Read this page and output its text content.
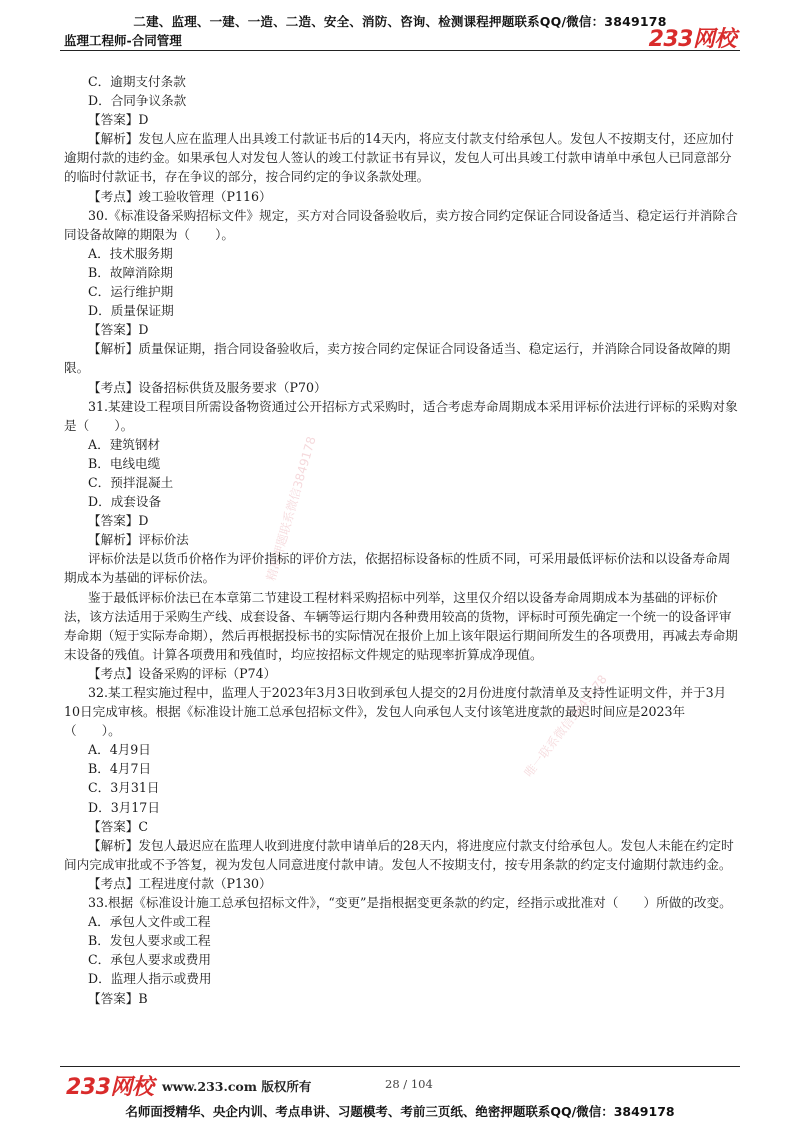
二建、监理、一建、一造、二造、安全、消防、咨询、检测课程押题联系QQ/微信：3849178
监理工程师-合同管理	233网校
精准押题联系微信3849178
唯一联系微信3849178

C．逾期支付条款

D．合同争议条款

【答案】D

【解析】发包人应在监理人出具竣工付款证书后的14天内，将应支付款支付给承包人。发包人不按期支付，还应加付逾期付款的违约金。如果承包人对发包人签认的竣工付款证书有异议，发包人可出具竣工付款申请单中承包人已同意部分的临时付款证书，存在争议的部分，按合同约定的争议条款处理。

【考点】竣工验收管理（P116）

30.《标准设备采购招标文件》规定，买方对合同设备验收后，卖方按合同约定保证合同设备适当、稳定运行并消除合同设备故障的期限为（　　）。

A．技术服务期

B．故障消除期

C．运行维护期

D．质量保证期

【答案】D

【解析】质量保证期，指合同设备验收后，卖方按合同约定保证合同设备适当、稳定运行，并消除合同设备故障的期限。

【考点】设备招标供货及服务要求（P70）

31.某建设工程项目所需设备物资通过公开招标方式采购时，适合考虑寿命周期成本采用评标价法进行评标的采购对象是（　　）。

A．建筑钢材

B．电线电缆

C．预拌混凝土

D．成套设备

【答案】D

【解析】评标价法

评标价法是以货币价格作为评价指标的评价方法，依据招标设备标的性质不同，可采用最低评标价法和以设备寿命周期成本为基础的评标价法。

鉴于最低评标价法已在本章第二节建设工程材料采购招标中列举，这里仅介绍以设备寿命周期成本为基础的评标价法，该方法适用于采购生产线、成套设备、车辆等运行期内各种费用较高的货物，评标时可预先确定一个统一的设备评审寿命期（短于实际寿命期），然后再根据投标书的实际情况在报价上加上该年限运行期间所发生的各项费用，再减去寿命期末设备的残值。计算各项费用和残值时，均应按招标文件规定的贴现率折算成净现值。

【考点】设备采购的评标（P74）

32.某工程实施过程中，监理人于2023年3月3日收到承包人提交的2月份进度付款清单及支持性证明文件，并于3月10日完成审核。根据《标准设计施工总承包招标文件》，发包人向承包人支付该笔进度款的最迟时间应是2023年（　　）。

A．4月9日

B．4月7日

C．3月31日

D．3月17日

【答案】C

【解析】发包人最迟应在监理人收到进度付款申请单后的28天内，将进度应付款支付给承包人。发包人未能在约定时间内完成审批或不予答复，视为发包人同意进度付款申请。发包人不按期支付，按专用条款的约定支付逾期付款违约金。

【考点】工程进度付款（P130）

33.根据《标准设计施工总承包招标文件》，“变更”是指根据变更条款的约定，经指示或批准对（　　）所做的改变。

A．承包人文件或工程

B．发包人要求或工程

C．承包人要求或费用

D．监理人指示或费用

【答案】B

233网校 www.233.com 版权所有	28 / 104
名师面授精华、央企内训、考点串讲、习题模考、考前三页纸、绝密押题联系QQ/微信：3849178
